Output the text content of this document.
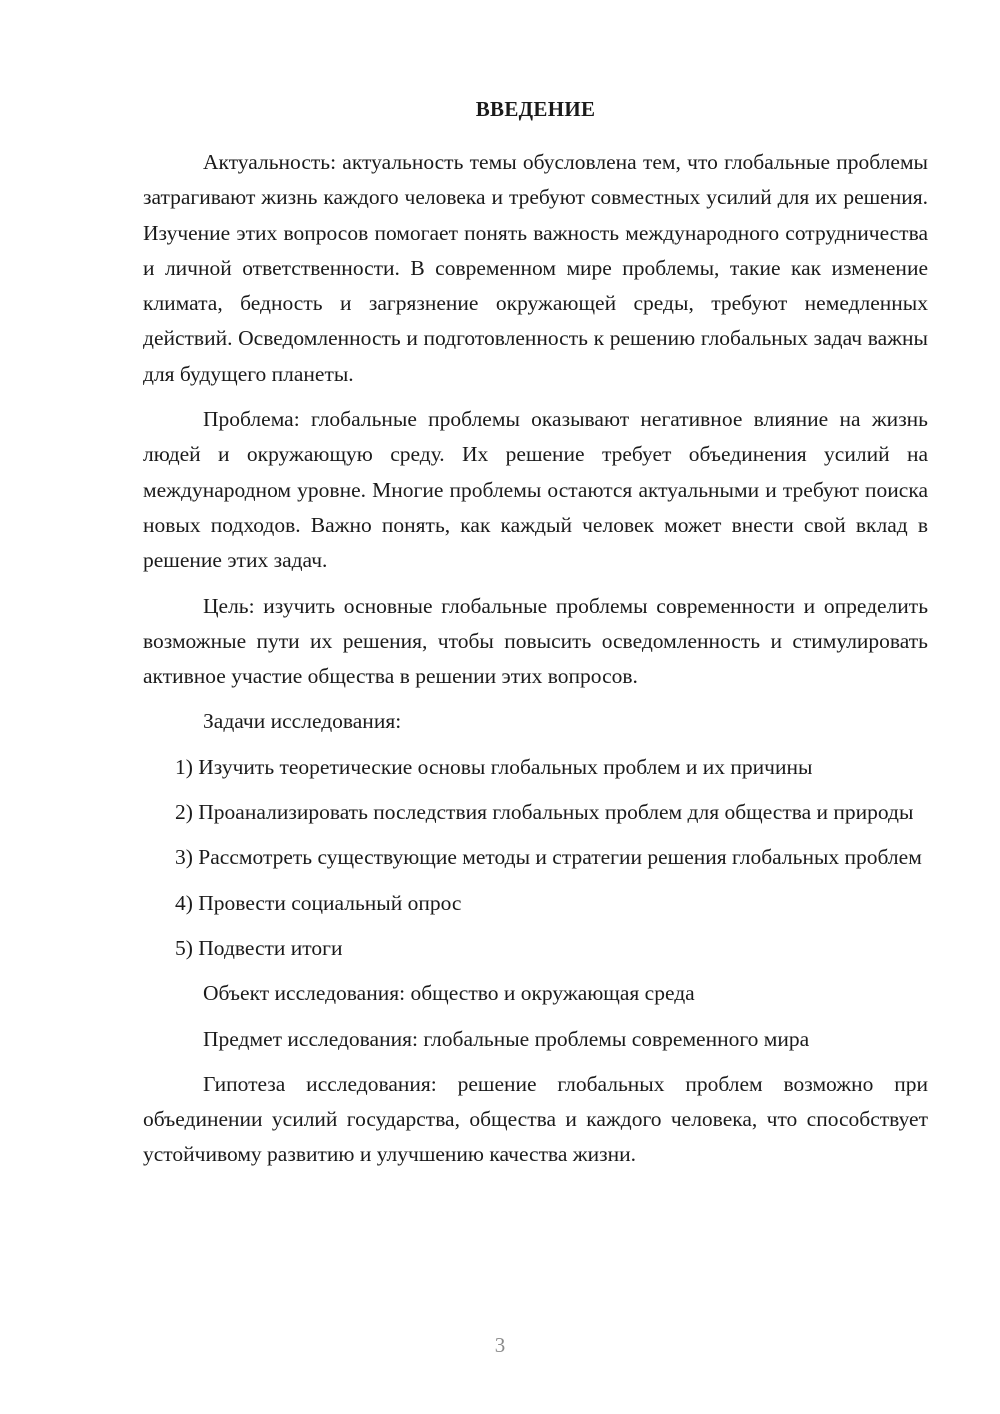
ВВЕДЕНИЕ

Актуальность: актуальность темы обусловлена тем, что глобальные проблемы затрагивают жизнь каждого человека и требуют совместных усилий для их решения. Изучение этих вопросов помогает понять важность международного сотрудничества и личной ответственности. В современном мире проблемы, такие как изменение климата, бедность и загрязнение окружающей среды, требуют немедленных действий. Осведомленность и подготовленность к решению глобальных задач важны для будущего планеты.

Проблема: глобальные проблемы оказывают негативное влияние на жизнь людей и окружающую среду. Их решение требует объединения усилий на международном уровне. Многие проблемы остаются актуальными и требуют поиска новых подходов. Важно понять, как каждый человек может внести свой вклад в решение этих задач.

Цель: изучить основные глобальные проблемы современности и определить возможные пути их решения, чтобы повысить осведомленность и стимулировать активное участие общества в решении этих вопросов.

Задачи исследования:

1) Изучить теоретические основы глобальных проблем и их причины

2) Проанализировать последствия глобальных проблем для общества и природы

3) Рассмотреть существующие методы и стратегии решения глобальных проблем

4) Провести социальный опрос

5) Подвести итоги

Объект исследования: общество и окружающая среда

Предмет исследования: глобальные проблемы современного мира

Гипотеза исследования: решение глобальных проблем возможно при объединении усилий государства, общества и каждого человека, что способствует устойчивому развитию и улучшению качества жизни.

3
